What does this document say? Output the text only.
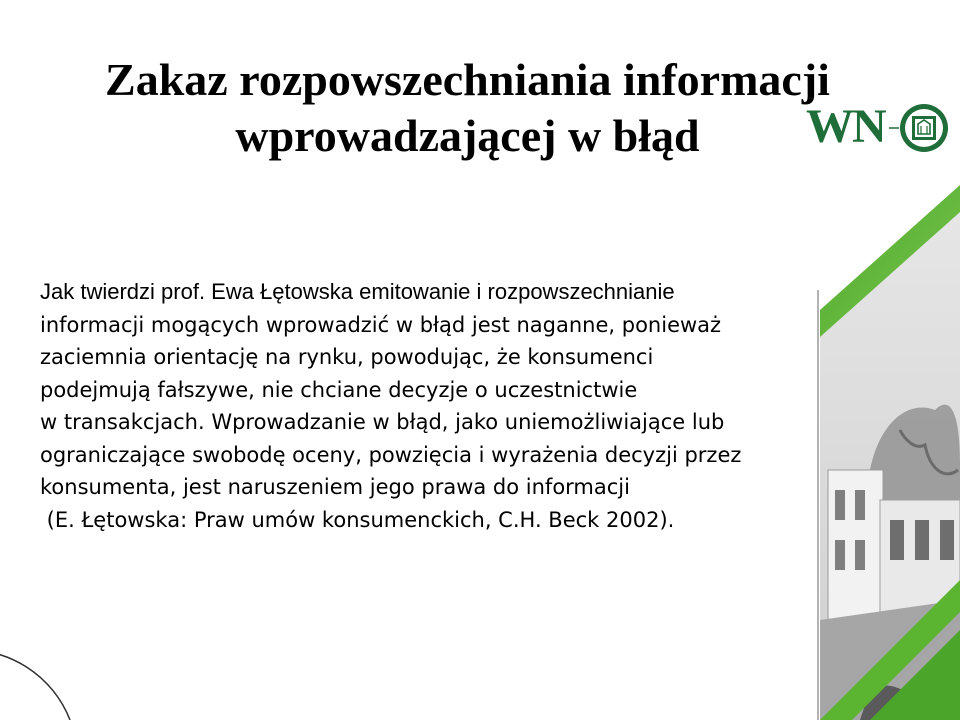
Zakaz rozpowszechniania informacji
wprowadzającej w błąd	WN
Jak twierdzi prof. Ewa Łętowska emitowanie i rozpowszechnianie
informacji mogących wprowadzić w błąd jest naganne, ponieważ
zaciemnia orientację na rynku, powodując, że konsumenci
podejmują fałszywe, nie chciane decyzje o uczestnictwie
w transakcjach. Wprowadzanie w błąd, jako uniemożliwiające lub
ograniczające swobodę oceny, powzięcia i wyrażenia decyzji przez
konsumenta, jest naruszeniem jego prawa do informacji
(E. Łętowska: Praw umów konsumenckich, C.H. Beck 2002).
